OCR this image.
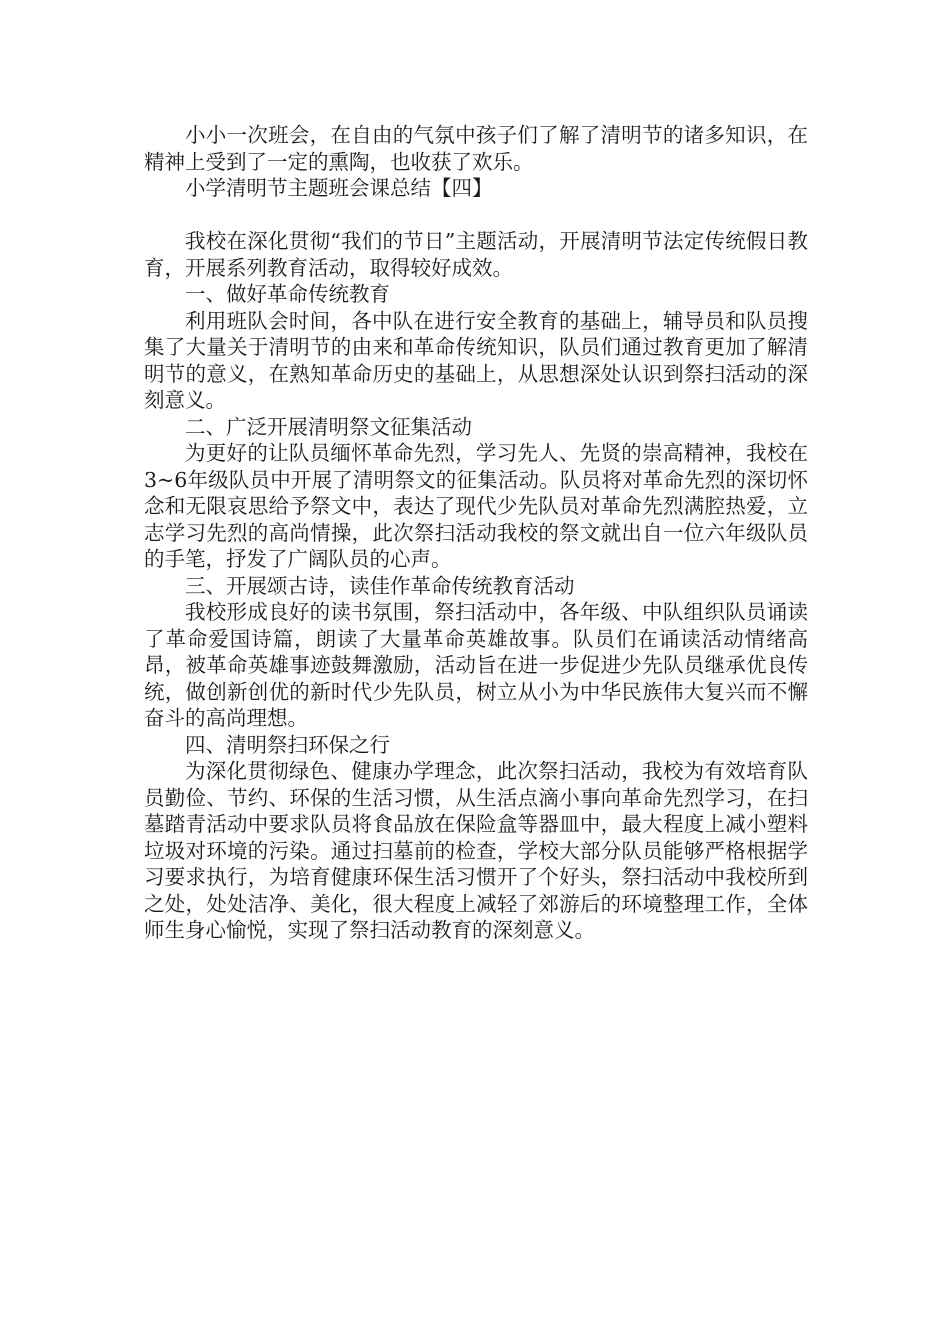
小小一次班会，在自由的气氛中孩子们了解了清明节的诸多知识，在精神上受到了一定的熏陶，也收获了欢乐。

小学清明节主题班会课总结【四】

我校在深化贯彻“我们的节日”主题活动，开展清明节法定传统假日教育，开展系列教育活动，取得较好成效。

一、做好革命传统教育

利用班队会时间，各中队在进行安全教育的基础上，辅导员和队员搜集了大量关于清明节的由来和革命传统知识，队员们通过教育更加了解清明节的意义，在熟知革命历史的基础上，从思想深处认识到祭扫活动的深刻意义。

二、广泛开展清明祭文征集活动

为更好的让队员缅怀革命先烈，学习先人、先贤的崇高精神，我校在3~6年级队员中开展了清明祭文的征集活动。队员将对革命先烈的深切怀念和无限哀思给予祭文中，表达了现代少先队员对革命先烈满腔热爱，立志学习先烈的高尚情操，此次祭扫活动我校的祭文就出自一位六年级队员的手笔，抒发了广阔队员的心声。

三、开展颂古诗，读佳作革命传统教育活动

我校形成良好的读书氛围，祭扫活动中，各年级、中队组织队员诵读了革命爱国诗篇，朗读了大量革命英雄故事。队员们在诵读活动情绪高昂，被革命英雄事迹鼓舞激励，活动旨在进一步促进少先队员继承优良传统，做创新创优的新时代少先队员，树立从小为中华民族伟大复兴而不懈奋斗的高尚理想。

四、清明祭扫环保之行

为深化贯彻绿色、健康办学理念，此次祭扫活动，我校为有效培育队员勤俭、节约、环保的生活习惯，从生活点滴小事向革命先烈学习，在扫墓踏青活动中要求队员将食品放在保险盒等器皿中，最大程度上减小塑料垃圾对环境的污染。通过扫墓前的检查，学校大部分队员能够严格根据学习要求执行，为培育健康环保生活习惯开了个好头，祭扫活动中我校所到之处，处处洁净、美化，很大程度上减轻了郊游后的环境整理工作，全体师生身心愉悦，实现了祭扫活动教育的深刻意义。
